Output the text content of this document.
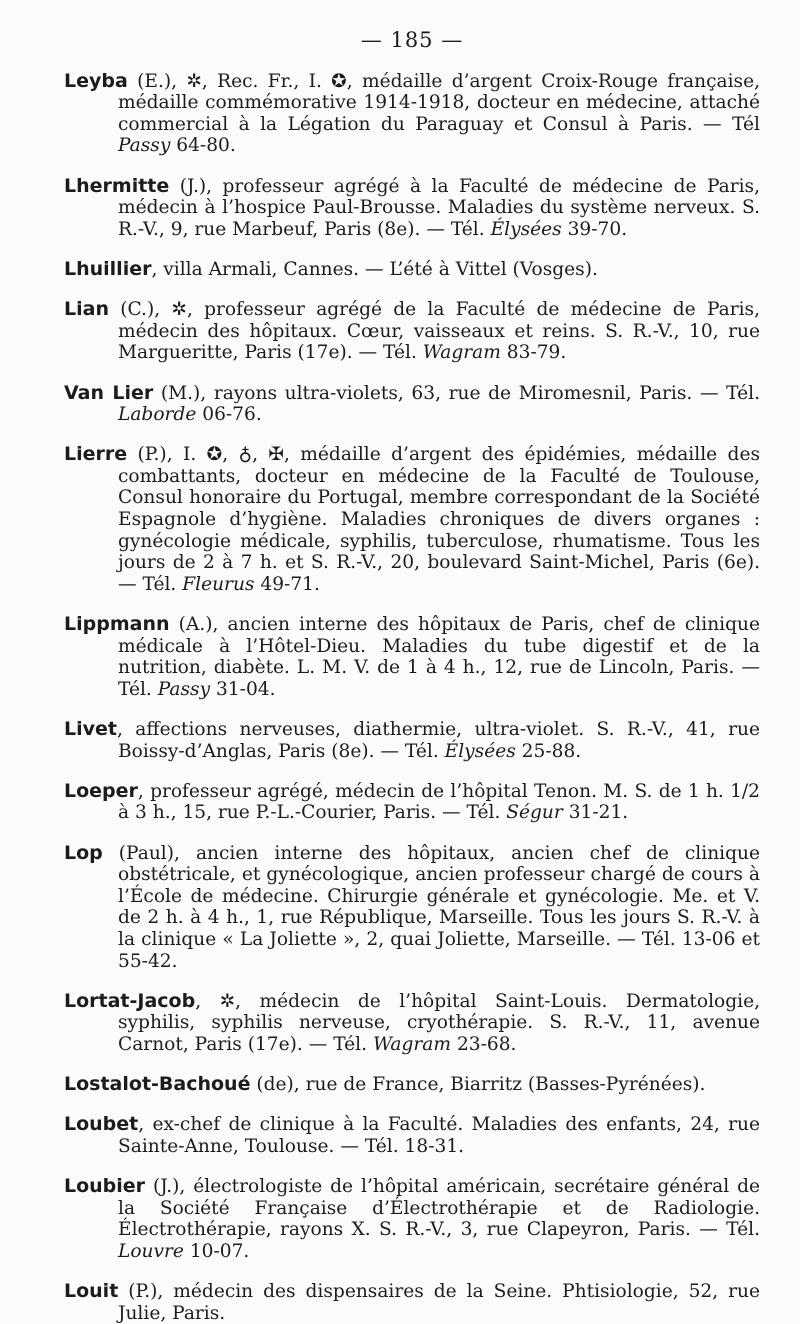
— 185 —

Leyba (E.), ✲, Rec. Fr., I. ✪, médaille d’argent Croix-Rouge française, médaille commémorative 1914-1918, docteur en médecine, attaché commercial à la Légation du Paraguay et Consul à Paris. — Tél Passy 64-80.

Lhermitte (J.), professeur agrégé à la Faculté de médecine de Paris, médecin à l’hospice Paul-Brousse. Maladies du système nerveux. S. R.-V., 9, rue Marbeuf, Paris (8e). — Tél. Élysées 39-70.

Lhuillier, villa Armali, Cannes. — L’été à Vittel (Vosges).

Lian (C.), ✲, professeur agrégé de la Faculté de médecine de Paris, médecin des hôpitaux. Cœur, vaisseaux et reins. S. R.-V., 10, rue Margueritte, Paris (17e). — Tél. Wagram 83-79.

Van Lier (M.), rayons ultra-violets, 63, rue de Miromesnil, Paris. — Tél. Laborde 06-76.

Lierre (P.), I. ✪, ♁, ✠, médaille d’argent des épidémies, médaille des combattants, docteur en médecine de la Faculté de Toulouse, Consul honoraire du Portugal, membre correspondant de la Société Espagnole d’hygiène. Maladies chroniques de divers organes : gynécologie médicale, syphilis, tuberculose, rhumatisme. Tous les jours de 2 à 7 h. et S. R.-V., 20, boulevard Saint-Michel, Paris (6e). — Tél. Fleurus 49-71.

Lippmann (A.), ancien interne des hôpitaux de Paris, chef de clinique médicale à l’Hôtel-Dieu. Maladies du tube digestif et de la nutrition, diabète. L. M. V. de 1 à 4 h., 12, rue de Lincoln, Paris. — Tél. Passy 31-04.

Livet, affections nerveuses, diathermie, ultra-violet. S. R.-V., 41, rue Boissy-d’Anglas, Paris (8e). — Tél. Élysées 25-88.

Loeper, professeur agrégé, médecin de l’hôpital Tenon. M. S. de 1 h. 1/2 à 3 h., 15, rue P.-L.-Courier, Paris. — Tél. Ségur 31-21.

Lop (Paul), ancien interne des hôpitaux, ancien chef de clinique obstétricale, et gynécologique, ancien professeur chargé de cours à l’École de médecine. Chirurgie générale et gynécologie. Me. et V. de 2 h. à 4 h., 1, rue République, Marseille. Tous les jours S. R.-V. à la clinique « La Joliette », 2, quai Joliette, Marseille. — Tél. 13-06 et 55-42.

Lortat-Jacob, ✲, médecin de l’hôpital Saint-Louis. Dermatologie, syphilis, syphilis nerveuse, cryothérapie. S. R.-V., 11, avenue Carnot, Paris (17e). — Tél. Wagram 23-68.

Lostalot-Bachoué (de), rue de France, Biarritz (Basses-Pyrénées).

Loubet, ex-chef de clinique à la Faculté. Maladies des enfants, 24, rue Sainte-Anne, Toulouse. — Tél. 18-31.

Loubier (J.), électrologiste de l’hôpital américain, secrétaire général de la Société Française d’Électrothérapie et de Radiologie. Électrothérapie, rayons X. S. R.-V., 3, rue Clapeyron, Paris. — Tél. Louvre 10-07.

Louit (P.), médecin des dispensaires de la Seine. Phtisiologie, 52, rue Julie, Paris.
